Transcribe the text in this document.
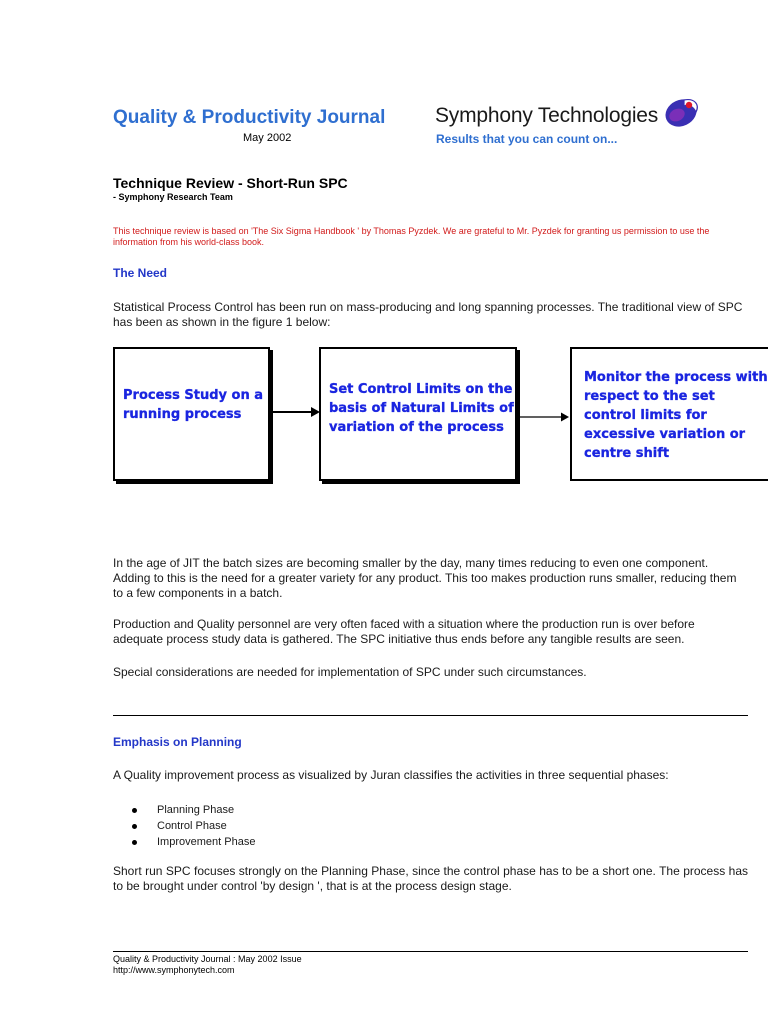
Quality & Productivity Journal
May 2002
Symphony Technologies
Results that you can count on...
Technique Review - Short-Run SPC
- Symphony Research Team
This technique review is based on 'The Six Sigma Handbook ' by Thomas Pyzdek. We are grateful to Mr. Pyzdek for granting us permission to use the information from his world-class book.
The Need
Statistical Process Control has been run on mass-producing and long spanning processes. The traditional view of SPC has been as shown in the figure 1 below:
Process Study on a running process
Set Control Limits on the basis of Natural Limits of variation of the process
Monitor the process with respect to the set control limits for excessive variation or centre shift
In the age of JIT the batch sizes are becoming smaller by the day, many times reducing to even one component. Adding to this is the need for a greater variety for any product. This too makes production runs smaller, reducing them to a few components in a batch.
Production and Quality personnel are very often faced with a situation where the production run is over before adequate process study data is gathered. The SPC initiative thus ends before any tangible results are seen.
Special considerations are needed for implementation of SPC under such circumstances.
Emphasis on Planning
A Quality improvement process as visualized by Juran classifies the activities in three sequential phases:
Planning Phase
Control Phase
Improvement Phase
Short run SPC focuses strongly on the Planning Phase, since the control phase has to be a short one. The process has to be brought under control 'by design ', that is at the process design stage.
Quality & Productivity Journal : May 2002 Issue
http://www.symphonytech.com
